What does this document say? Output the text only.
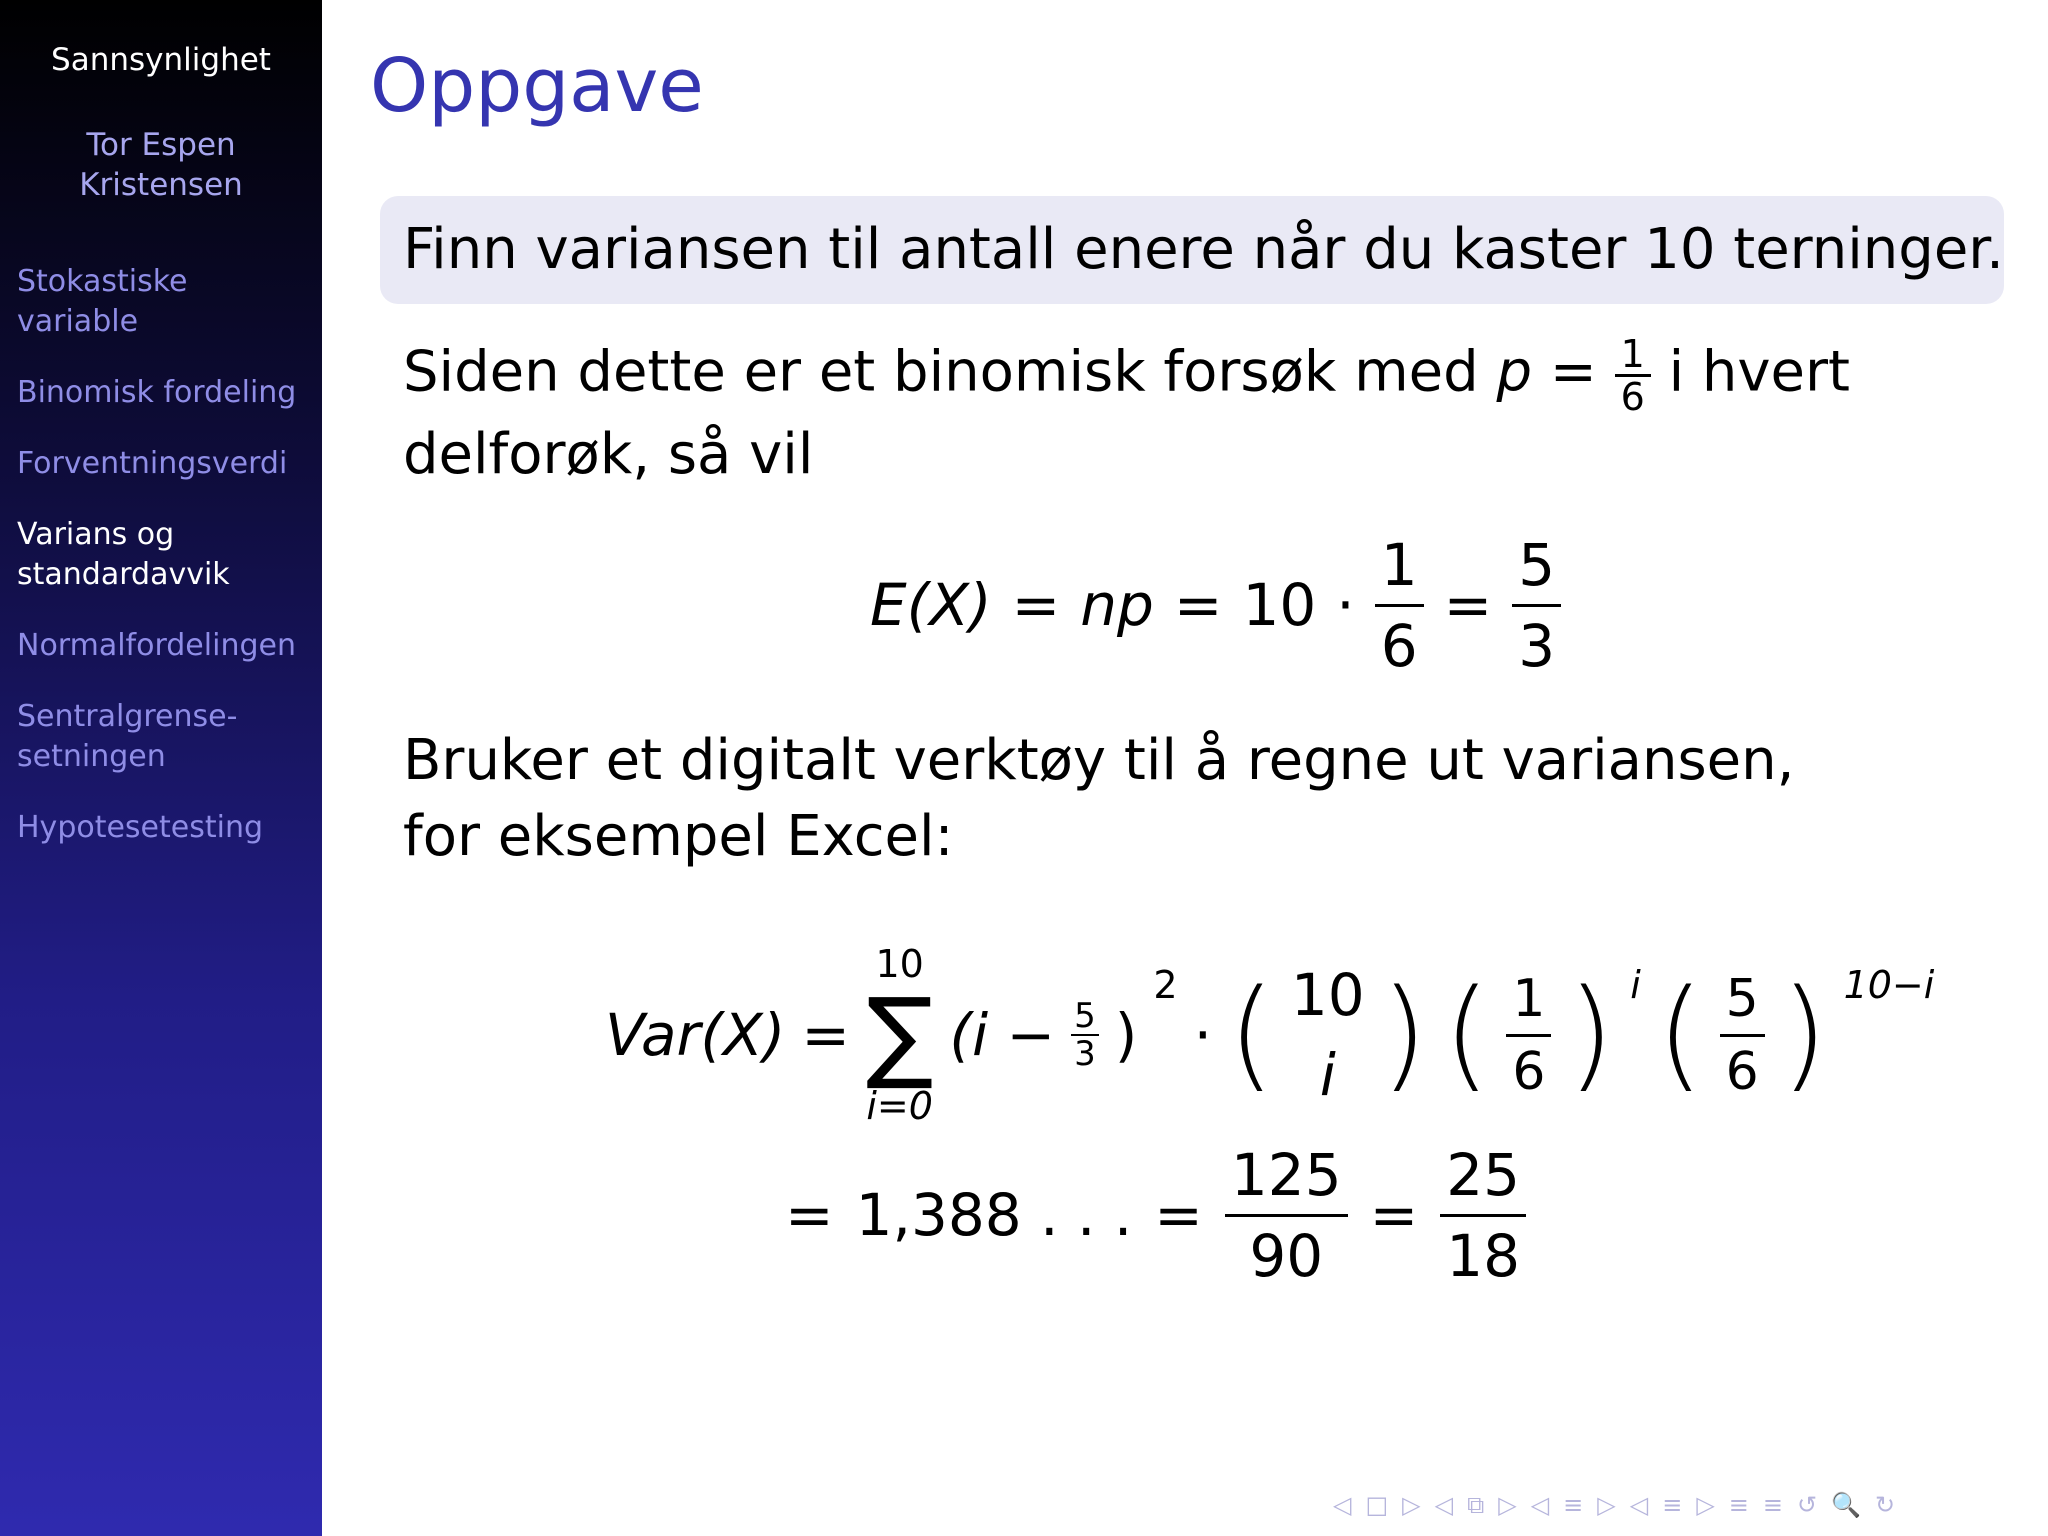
Sannsynlighet
Tor Espen
Kristensen
Stokastiske variable
Binomisk fordeling
Forventningsverdi
Varians og standardavvik
Normalfordelingen
Sentralgrense-setningen
Hypotesetesting
Oppgave
Finn variansen til antall enere når du kaster 10 terninger.
Siden dette er et binomisk forsøk med $p = \frac{1}{6}$ i hvert delforøk, så vil
E(X) = np = $10 \cdot \frac{1}{6} = \frac{5}{3}$
Bruker et digitalt verktøy til å regne ut variansen, for eksempel Excel:
Var(X) =
10
∑
i=0
($i - \frac{5}{3}$ )
2
· ( 10
i ) ( $\frac{1}{6}$ ) i ( $\frac{5}{6}$ ) 10−i
= 1,388 . . . = $\frac{125}{90} = \frac{25}{18}$
◁ □ ▷ ◁ ⧉ ▷ ◁ ≡ ▷ ◁ ≡ ▷ ≡ ≡ ↺ 🔍 ↻
